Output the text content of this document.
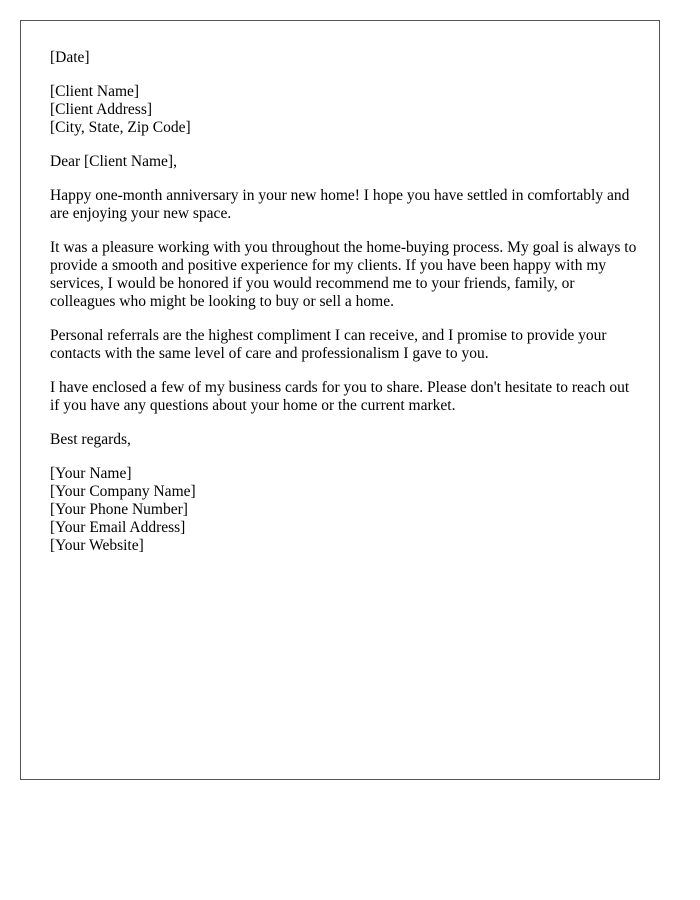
[Date]
[Client Name]
[Client Address]
[City, State, Zip Code]
Dear [Client Name],

Happy one-month anniversary in your new home! I hope you have settled in comfortably and are enjoying your new space.

It was a pleasure working with you throughout the home-buying process. My goal is always to provide a smooth and positive experience for my clients. If you have been happy with my services, I would be honored if you would recommend me to your friends, family, or colleagues who might be looking to buy or sell a home.

Personal referrals are the highest compliment I can receive, and I promise to provide your contacts with the same level of care and professionalism I gave to you.

I have enclosed a few of my business cards for you to share. Please don't hesitate to reach out if you have any questions about your home or the current market.

Best regards,
[Your Name]
[Your Company Name]
[Your Phone Number]
[Your Email Address]
[Your Website]
